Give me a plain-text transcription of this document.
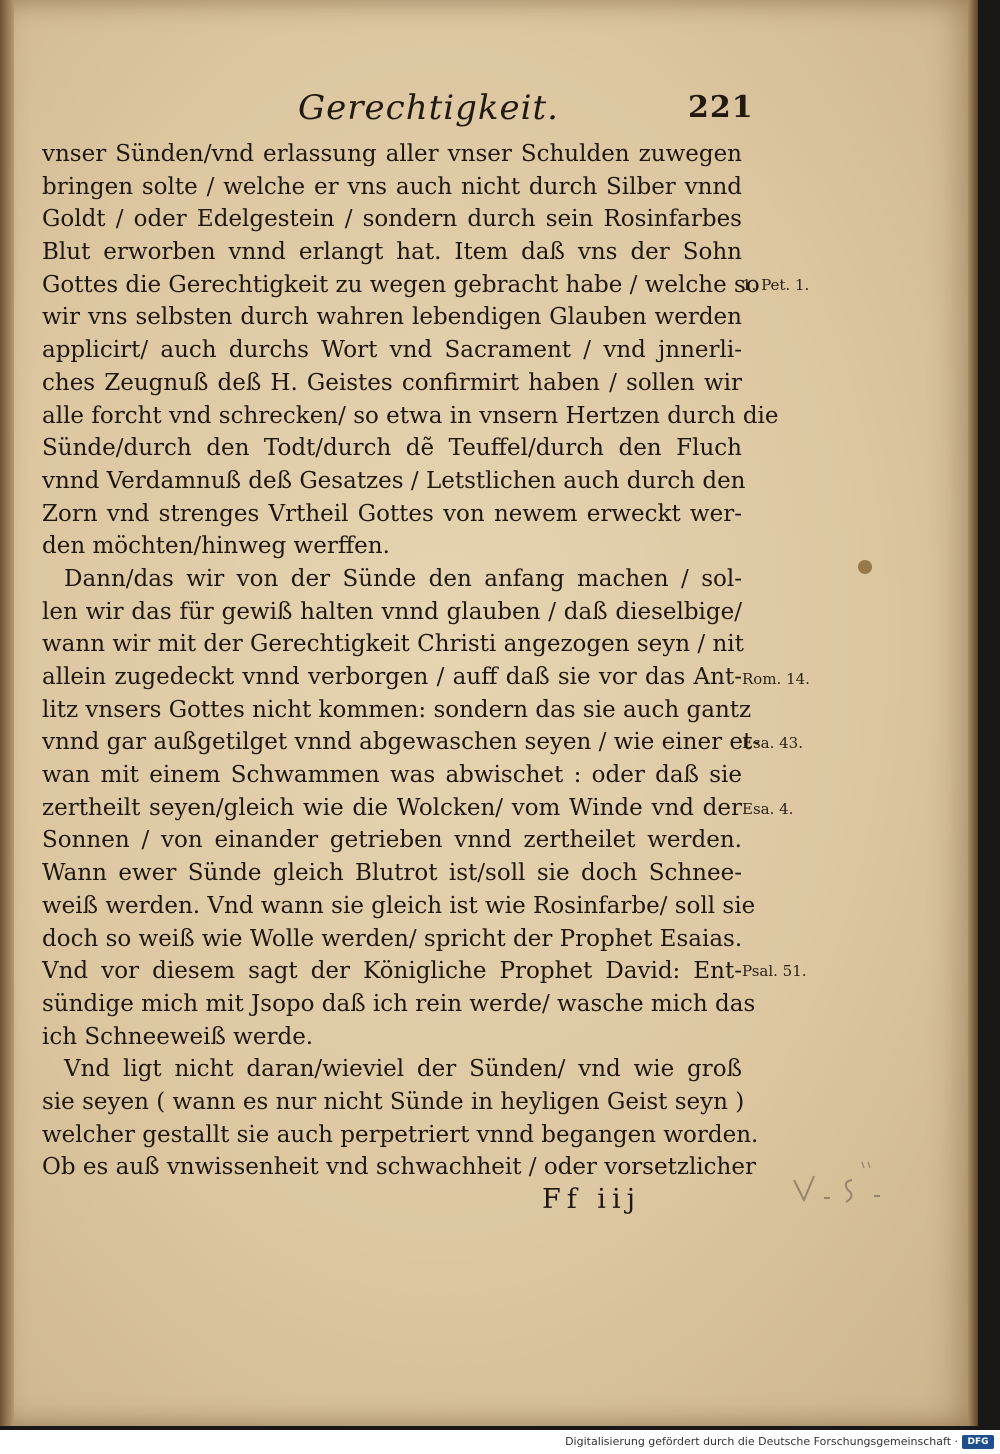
Gerechtigkeit.	221
vnser Sünden/vnd erlassung aller vnser Schulden zuwegen
bringen solte / welche er vns auch nicht durch Silber vnnd
Goldt / oder Edelgestein / sondern durch sein Rosinfarbes
Blut erworben vnnd erlangt hat. Item daß vns der Sohn
Gottes die Gerechtigkeit zu wegen gebracht habe / welche so
wir vns selbsten durch wahren lebendigen Glauben werden
applicirt/ auch durchs Wort vnd Sacrament / vnd jnnerli-
ches Zeugnuß deß H. Geistes confirmirt haben / sollen wir
alle forcht vnd schrecken/ so etwa in vnsern Hertzen durch die
Sünde/durch den Todt/durch dẽ Teuffel/durch den Fluch
vnnd Verdamnuß deß Gesatzes / Letstlichen auch durch den
Zorn vnd strenges Vrtheil Gottes von newem erweckt wer-
den möchten/hinweg werffen.
Dann/das wir von der Sünde den anfang machen / sol-
len wir das für gewiß halten vnnd glauben / daß dieselbige/
wann wir mit der Gerechtigkeit Christi angezogen seyn / nit
allein zugedeckt vnnd verborgen / auff daß sie vor das Ant-
litz vnsers Gottes nicht kommen: sondern das sie auch gantz
vnnd gar außgetilget vnnd abgewaschen seyen / wie einer et-
wan mit einem Schwammen was abwischet : oder daß sie
zertheilt seyen/gleich wie die Wolcken/ vom Winde vnd der
Sonnen / von einander getrieben vnnd zertheilet werden.
Wann ewer Sünde gleich Blutrot ist/soll sie doch Schnee-
weiß werden. Vnd wann sie gleich ist wie Rosinfarbe/ soll sie
doch so weiß wie Wolle werden/ spricht der Prophet Esaias.
Vnd vor diesem sagt der Königliche Prophet David: Ent-
sündige mich mit Jsopo daß ich rein werde/ wasche mich das
ich Schneeweiß werde.
Vnd ligt nicht daran/wieviel der Sünden/ vnd wie groß
sie seyen ( wann es nur nicht Sünde in heyligen Geist seyn )
welcher gestallt sie auch perpetriert vnnd begangen worden.
Ob es auß vnwissenheit vnd schwachheit / oder vorsetzlicher
1. Pet. 1.
Rom. 14.
Esa. 43.
Esa. 4.
Psal. 51.
Ff iij
Digitalisierung gefördert durch die Deutsche Forschungsgemeinschaft ·	DFG
